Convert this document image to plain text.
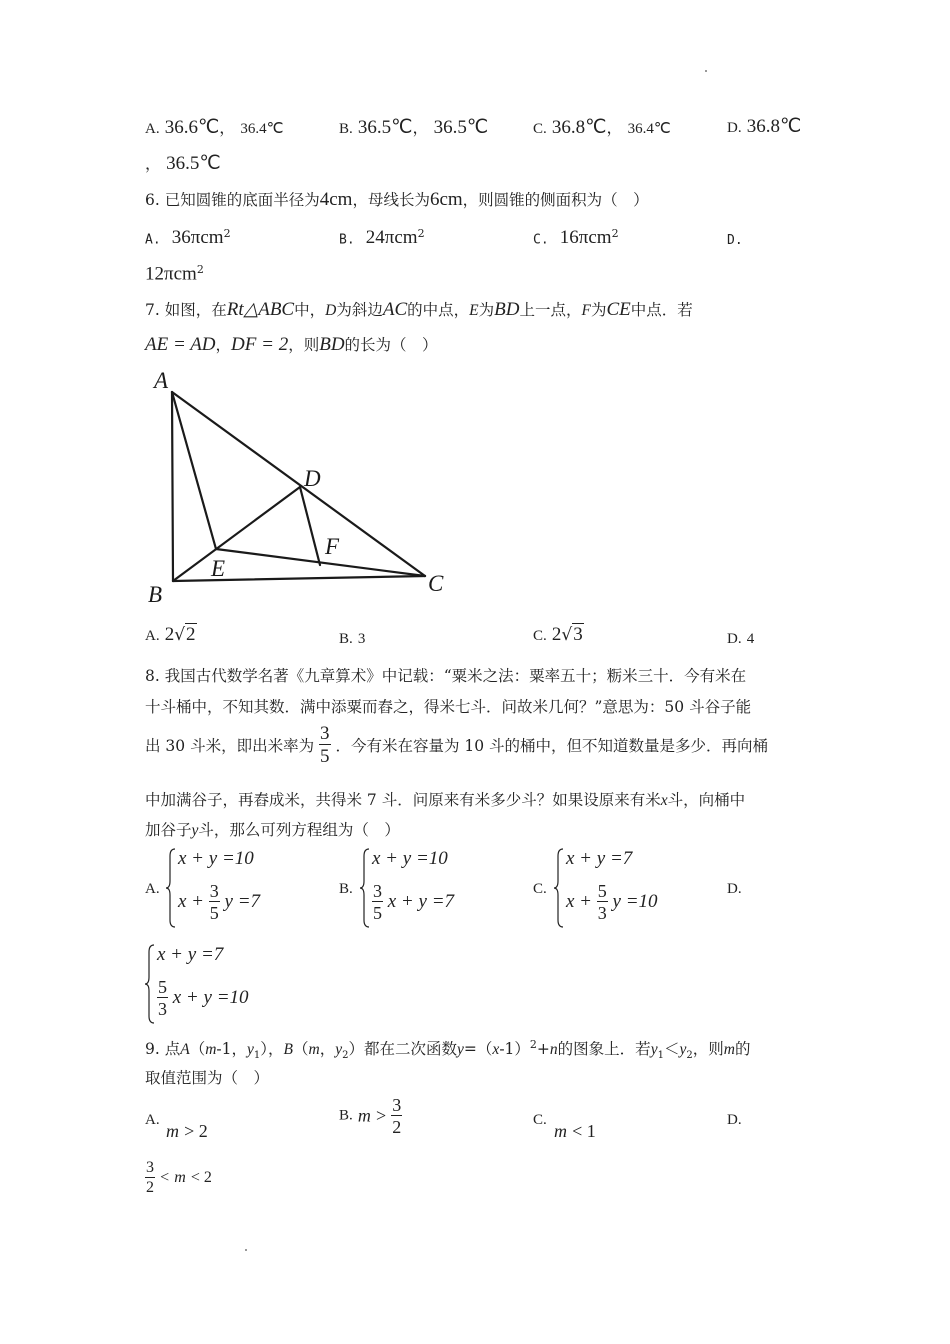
A. 36.6℃， 36.4℃	B. 36.5℃， 36.5℃	C. 36.8℃， 36.4℃	D. 36.8℃
， 36.5℃
6. 已知圆锥的底面半径为4cm，母线长为6cm，则圆锥的侧面积为（　）
A. 36πcm$^2$	B. 24πcm$^2$	C. 16πcm$^2$	D.
12πcm$^2$
7. 如图，在Rt△ABC中，D为斜边AC的中点，E为BD上一点，F为CE中点．若
AE = AD，DF = 2，则BD的长为（　）
A
B	C
D
E
F
A. 2√2	B. 3	C. 2√3	D. 4
8. 我国古代数学名著《九章算术》中记载：“粟米之法：粟率五十；粝米三十．今有米在
十斗桶中，不知其数．满中添粟而舂之，得米七斗．问故米几何？”意思为：50 斗谷子能
出 30 斗米，即出米率为 $\frac{3}{5}$ ．今有米在容量为 10 斗的桶中，但不知道数量是多少．再向桶
中加满谷子，再舂成米，共得米 7 斗．问原来有米多少斗？如果设原来有米x斗，向桶中
加谷子y斗，那么可列方程组为（　）
A.
x + y =10
$x + \frac{3}{5}$ y =7
B.
x + y =10
$\frac{3}{5}$ x + y =7
C.
x + y =7
$x + \frac{5}{3}$ y =10
D.
x + y =7
$\frac{5}{3}$ x + y =10
9. 点A（m-1，$y_1$），B（m，$y_2$）都在二次函数$y=(x-1)^2+n$的图象上．若$y_1<y_2$，则m的
取值范围为（　）
A.
m > 2
B. $m > \frac{3}{2}$	C.
m < 1
D.
$\frac{3}{2} < m < 2$
